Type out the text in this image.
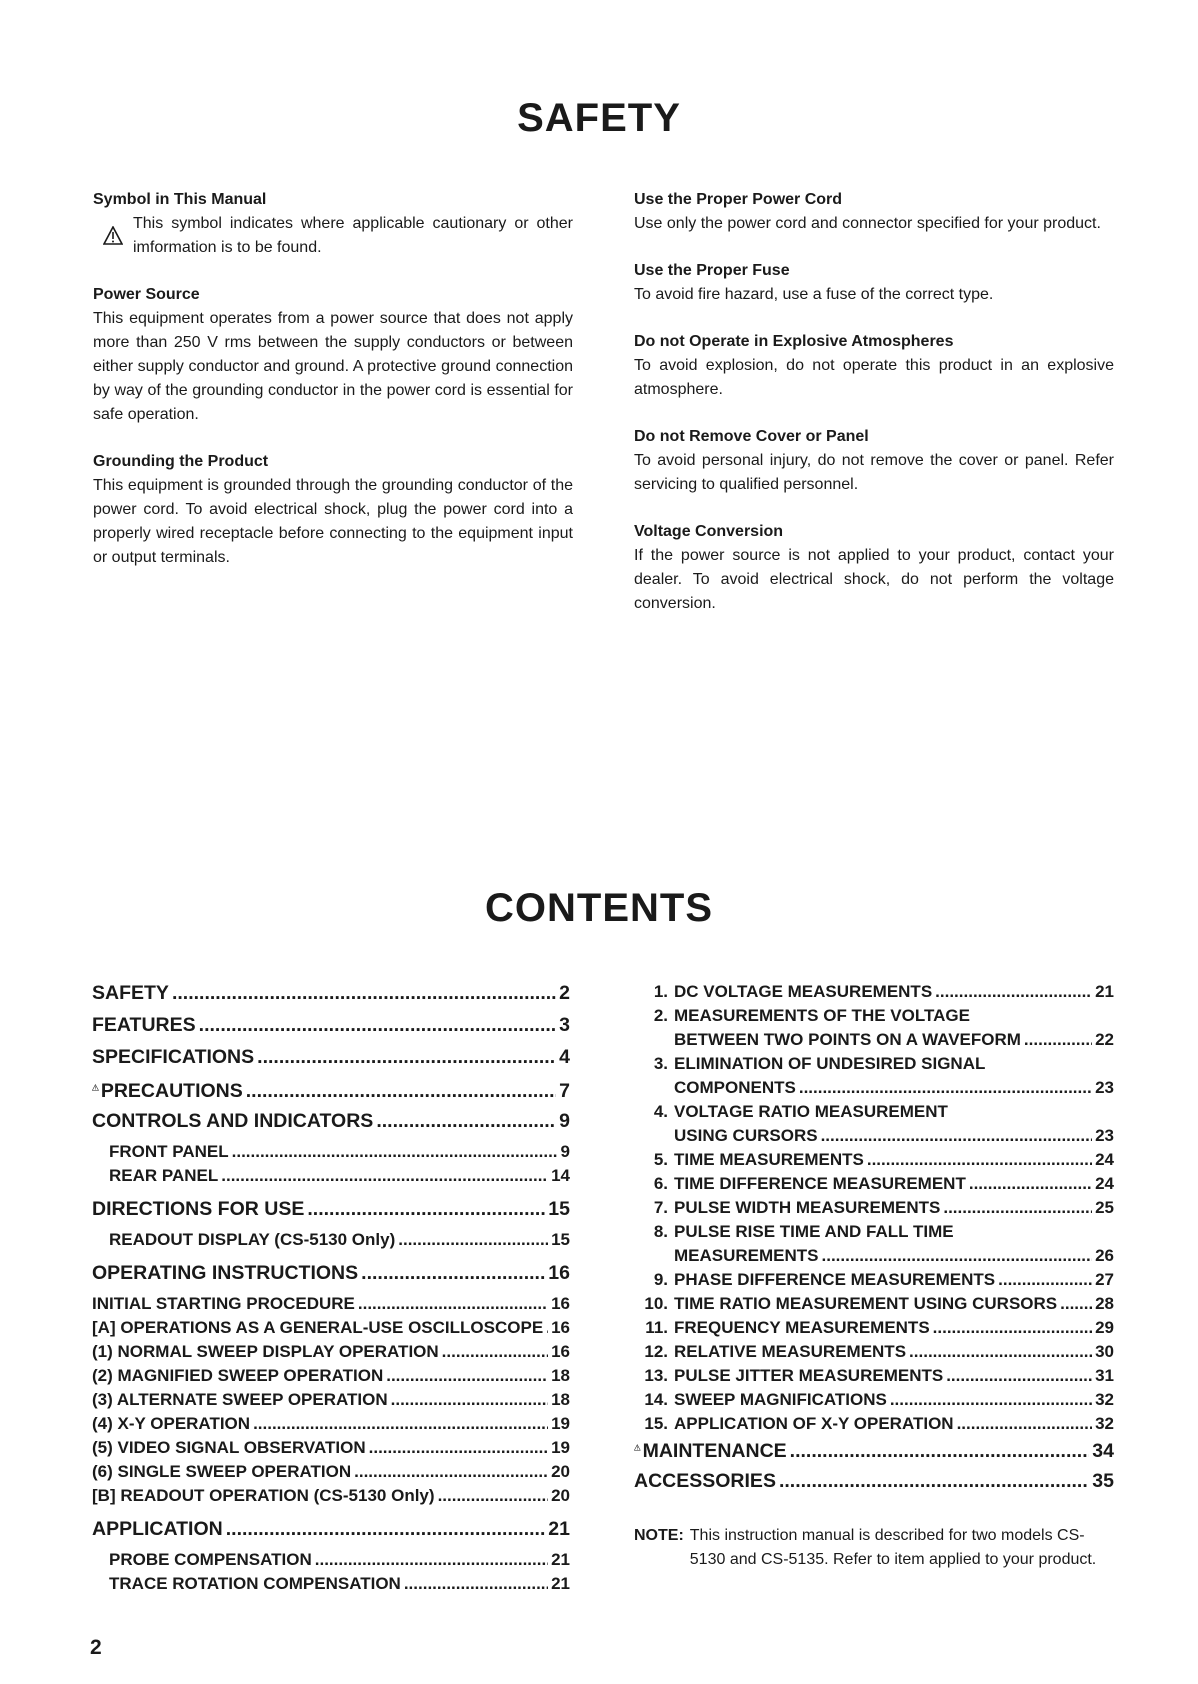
SAFETY
Symbol in This Manual
This symbol indicates where applicable cautionary or other imformation is to be found.
Power Source
This equipment operates from a power source that does not apply more than 250 V rms between the supply conductors or between either supply conductor and ground. A protective ground connection by way of the grounding conductor in the power cord is essential for safe operation.
Grounding the Product
This equipment is grounded through the grounding conductor of the power cord. To avoid electrical shock, plug the power cord into a properly wired receptacle before connecting to the equipment input or output terminals.
Use the Proper Power Cord
Use only the power cord and connector specified for your product.
Use the Proper Fuse
To avoid fire hazard, use a fuse of the correct type.
Do not Operate in Explosive Atmospheres
To avoid explosion, do not operate this product in an explosive atmosphere.
Do not Remove Cover or Panel
To avoid personal injury, do not remove the cover or panel. Refer servicing to qualified personnel.
Voltage Conversion
If the power source is not applied to your product, contact your dealer. To avoid electrical shock, do not perform the voltage conversion.
CONTENTS
SAFETY .....	2
FEATURES .....	3
SPECIFICATIONS .....	4
PRECAUTIONS .....	7
CONTROLS AND INDICATORS .....	9
FRONT PANEL .....	9
REAR PANEL .....	14
DIRECTIONS FOR USE .....	15
READOUT DISPLAY (CS-5130 Only) .....	15
OPERATING INSTRUCTIONS .....	16
INITIAL STARTING PROCEDURE .....	16
[A] OPERATIONS AS A GENERAL-USE OSCILLOSCOPE ..... 16
(1) NORMAL SWEEP DISPLAY OPERATION .....	16
(2) MAGNIFIED SWEEP OPERATION .....	18
(3) ALTERNATE SWEEP OPERATION .....	18
(4) X-Y OPERATION .....	19
(5) VIDEO SIGNAL OBSERVATION .....	19
(6) SINGLE SWEEP OPERATION .....	20
[B] READOUT OPERATION (CS-5130 Only) .....	20
APPLICATION .....	21
PROBE COMPENSATION .....	21
TRACE ROTATION COMPENSATION .....	21
1. DC VOLTAGE MEASUREMENTS .....	21
2. MEASUREMENTS OF THE VOLTAGE
BETWEEN TWO POINTS ON A WAVEFORM .....	22
3. ELIMINATION OF UNDESIRED SIGNAL
COMPONENTS .....	23
4. VOLTAGE RATIO MEASUREMENT
USING CURSORS .....	23
5. TIME MEASUREMENTS .....	24
6. TIME DIFFERENCE MEASUREMENT .....	24
7. PULSE WIDTH MEASUREMENTS .....	25
8. PULSE RISE TIME AND FALL TIME
MEASUREMENTS .....	26
9. PHASE DIFFERENCE MEASUREMENTS .....	27
10. TIME RATIO MEASUREMENT USING CURSORS ..... 28
11. FREQUENCY MEASUREMENTS .....	29
12. RELATIVE MEASUREMENTS .....	30
13. PULSE JITTER MEASUREMENTS .....	31
14. SWEEP MAGNIFICATIONS .....	32
15. APPLICATION OF X-Y OPERATION .....	32
MAINTENANCE .....	34
ACCESSORIES .....	35
NOTE: This instruction manual is described for two models CS-5130 and CS-5135. Refer to item applied to your product.
2
